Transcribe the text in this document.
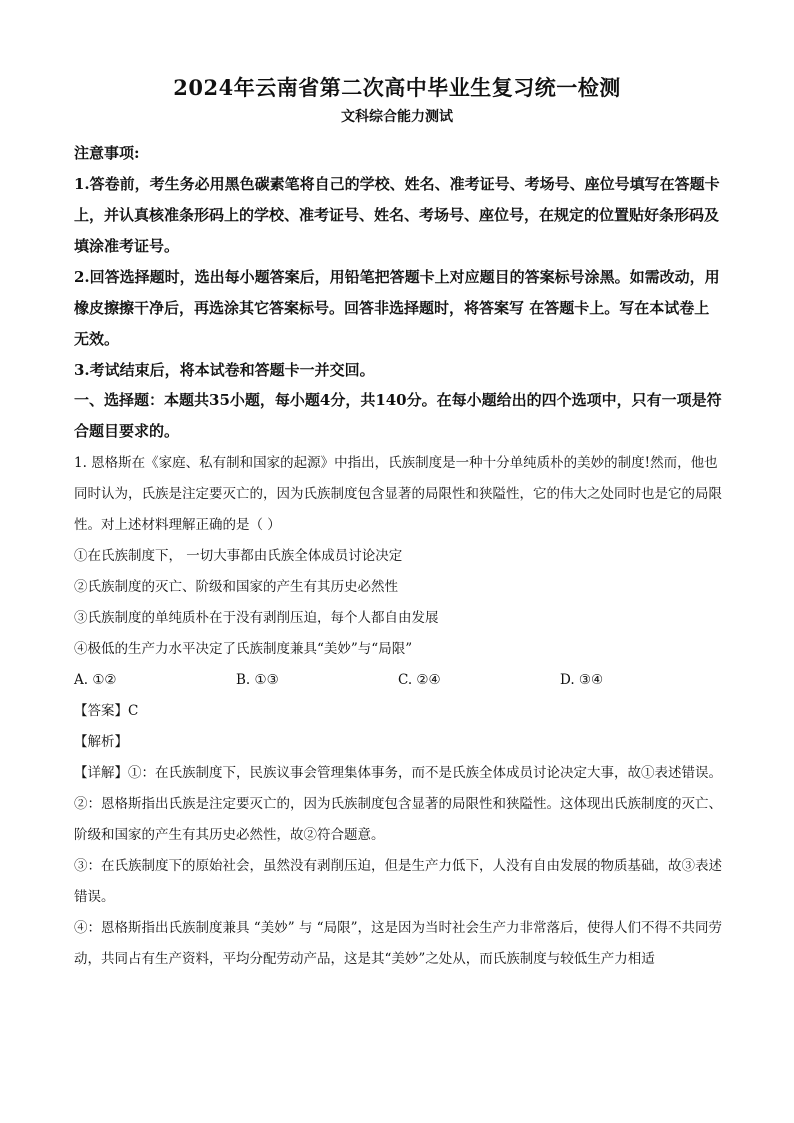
2024年云南省第二次高中毕业生复习统一检测
文科综合能力测试

注意事项:

1.答卷前，考生务必用黑色碳素笔将自己的学校、姓名、准考证号、考场号、座位号填写在答题卡上，并认真核准条形码上的学校、准考证号、姓名、考场号、座位号，在规定的位置贴好条形码及填涂准考证号。

2.回答选择题时，选出每小题答案后，用铅笔把答题卡上对应题目的答案标号涂黑。如需改动，用橡皮擦擦干净后，再选涂其它答案标号。回答非选择题时，将答案写 在答题卡上。写在本试卷上无效。

3.考试结束后，将本试卷和答题卡一并交回。

一、选择题：本题共35小题，每小题4分，共140分。在每小题给出的四个选项中，只有一项是符合题目要求的。

1. 恩格斯在《家庭、私有制和国家的起源》中指出，氏族制度是一种十分单纯质朴的美妙的制度!然而，他也同时认为，氏族是注定要灭亡的，因为氏族制度包含显著的局限性和狭隘性，它的伟大之处同时也是它的局限性。对上述材料理解正确的是（ ）

①在氏族制度下， 一切大事都由氏族全体成员讨论决定

②氏族制度的灭亡、阶级和国家的产生有其历史必然性

③氏族制度的单纯质朴在于没有剥削压迫，每个人都自由发展

④极低的生产力水平决定了氏族制度兼具“美妙”与“局限”

A. ①②	B. ①③	C. ②④	D. ③④

【答案】C

【解析】

【详解】①：在氏族制度下，民族议事会管理集体事务，而不是氏族全体成员讨论决定大事，故①表述错误。

②：恩格斯指出氏族是注定要灭亡的，因为氏族制度包含显著的局限性和狭隘性。这体现出氏族制度的灭亡、阶级和国家的产生有其历史必然性，故②符合题意。

③：在氏族制度下的原始社会，虽然没有剥削压迫，但是生产力低下，人没有自由发展的物质基础，故③表述错误。

④：恩格斯指出氏族制度兼具 “美妙” 与 “局限”，这是因为当时社会生产力非常落后，使得人们不得不共同劳动，共同占有生产资料，平均分配劳动产品，这是其“美妙”之处从，而氏族制度与较低生产力相适
